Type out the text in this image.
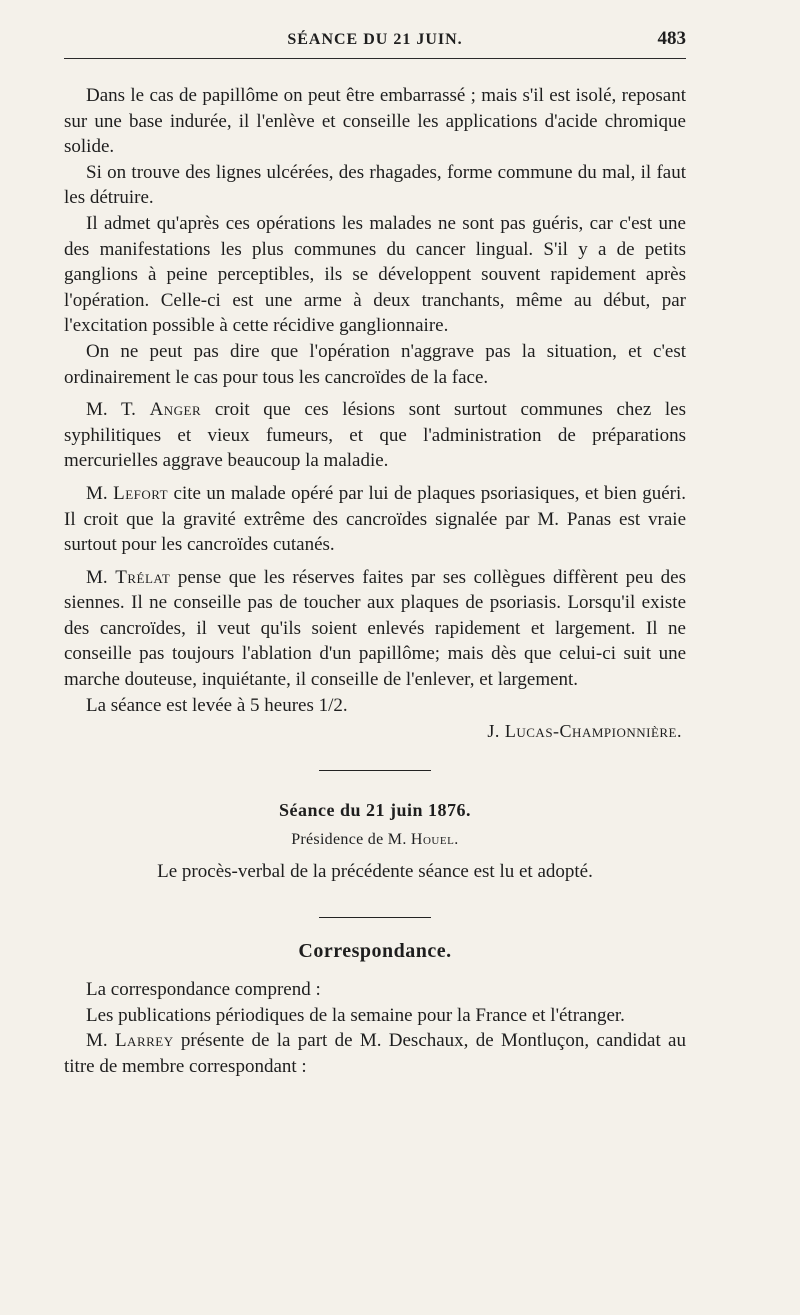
SÉANCE DU 21 JUIN.	483

Dans le cas de papillôme on peut être embarrassé ; mais s'il est isolé, reposant sur une base indurée, il l'enlève et conseille les applications d'acide chromique solide.

Si on trouve des lignes ulcérées, des rhagades, forme commune du mal, il faut les détruire.

Il admet qu'après ces opérations les malades ne sont pas guéris, car c'est une des manifestations les plus communes du cancer lingual. S'il y a de petits ganglions à peine perceptibles, ils se développent souvent rapidement après l'opération. Celle-ci est une arme à deux tranchants, même au début, par l'excitation possible à cette récidive ganglionnaire.

On ne peut pas dire que l'opération n'aggrave pas la situation, et c'est ordinairement le cas pour tous les cancroïdes de la face.

M. T. Anger croit que ces lésions sont surtout communes chez les syphilitiques et vieux fumeurs, et que l'administration de préparations mercurielles aggrave beaucoup la maladie.

M. Lefort cite un malade opéré par lui de plaques psoriasiques, et bien guéri. Il croit que la gravité extrême des cancroïdes signalée par M. Panas est vraie surtout pour les cancroïdes cutanés.

M. Trélat pense que les réserves faites par ses collègues diffèrent peu des siennes. Il ne conseille pas de toucher aux plaques de psoriasis. Lorsqu'il existe des cancroïdes, il veut qu'ils soient enlevés rapidement et largement. Il ne conseille pas toujours l'ablation d'un papillôme; mais dès que celui-ci suit une marche douteuse, inquiétante, il conseille de l'enlever, et largement.

La séance est levée à 5 heures 1/2.

J. Lucas-Championnière.
Séance du 21 juin 1876.
Présidence de M. Houel.
Le procès-verbal de la précédente séance est lu et adopté.
Correspondance.

La correspondance comprend :

Les publications périodiques de la semaine pour la France et l'étranger.

M. Larrey présente de la part de M. Deschaux, de Montluçon, candidat au titre de membre correspondant :
